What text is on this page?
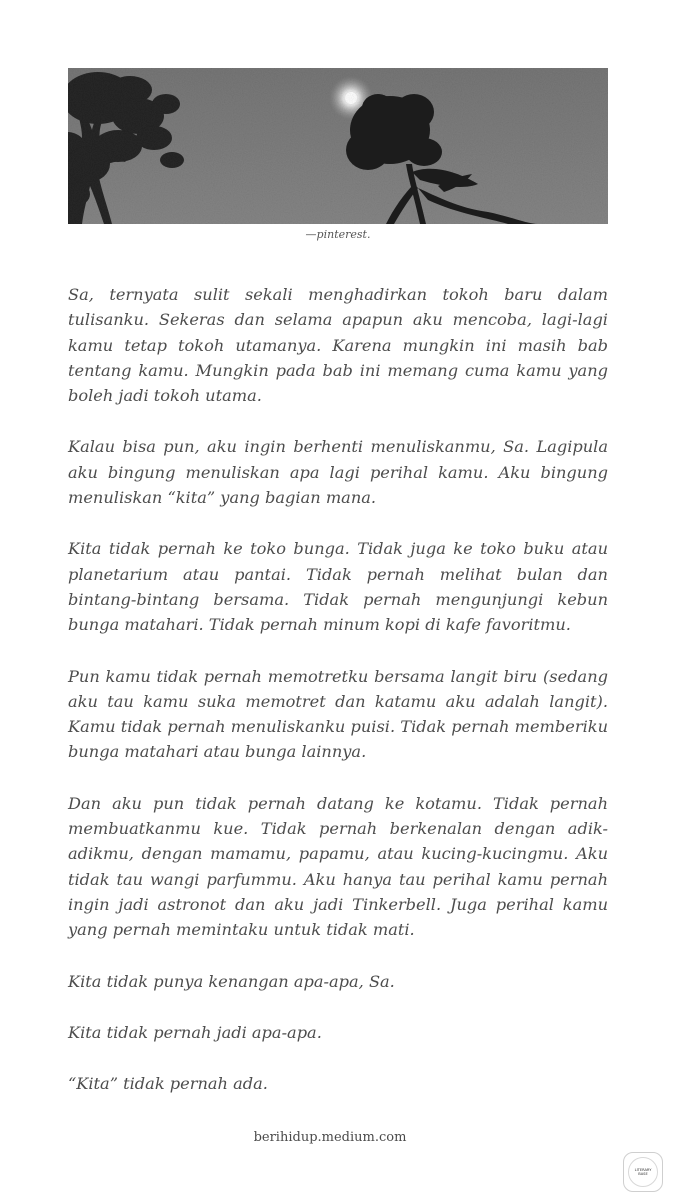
—pinterest.

Sa, ternyata sulit sekali menghadirkan tokoh baru dalam tulisanku. Sekeras dan selama apapun aku mencoba, lagi-lagi kamu tetap tokoh utamanya. Karena mungkin ini masih bab tentang kamu. Mungkin pada bab ini memang cuma kamu yang boleh jadi tokoh utama.

Kalau bisa pun, aku ingin berhenti menuliskanmu, Sa. Lagipula aku bingung menuliskan apa lagi perihal kamu. Aku bingung menuliskan “kita” yang bagian mana.

Kita tidak pernah ke toko bunga. Tidak juga ke toko buku atau planetarium atau pantai. Tidak pernah melihat bulan dan bintang-bintang bersama. Tidak pernah mengunjungi kebun bunga matahari. Tidak pernah minum kopi di kafe favoritmu.

Pun kamu tidak pernah memotretku bersama langit biru (sedang aku tau kamu suka memotret dan katamu aku adalah langit). Kamu tidak pernah menuliskanku puisi. Tidak pernah memberiku bunga matahari atau bunga lainnya.

Dan aku pun tidak pernah datang ke kotamu. Tidak pernah membuatkanmu kue. Tidak pernah berkenalan dengan adik-adikmu, dengan mamamu, papamu, atau kucing-kucingmu. Aku tidak tau wangi parfummu. Aku hanya tau perihal kamu pernah ingin jadi astronot dan aku jadi Tinkerbell. Juga perihal kamu yang pernah memintaku untuk tidak mati.

Kita tidak punya kenangan apa-apa, Sa.

Kita tidak pernah jadi apa-apa.

“Kita” tidak pernah ada.

berihidup.medium.com
LITERARY
BASE
